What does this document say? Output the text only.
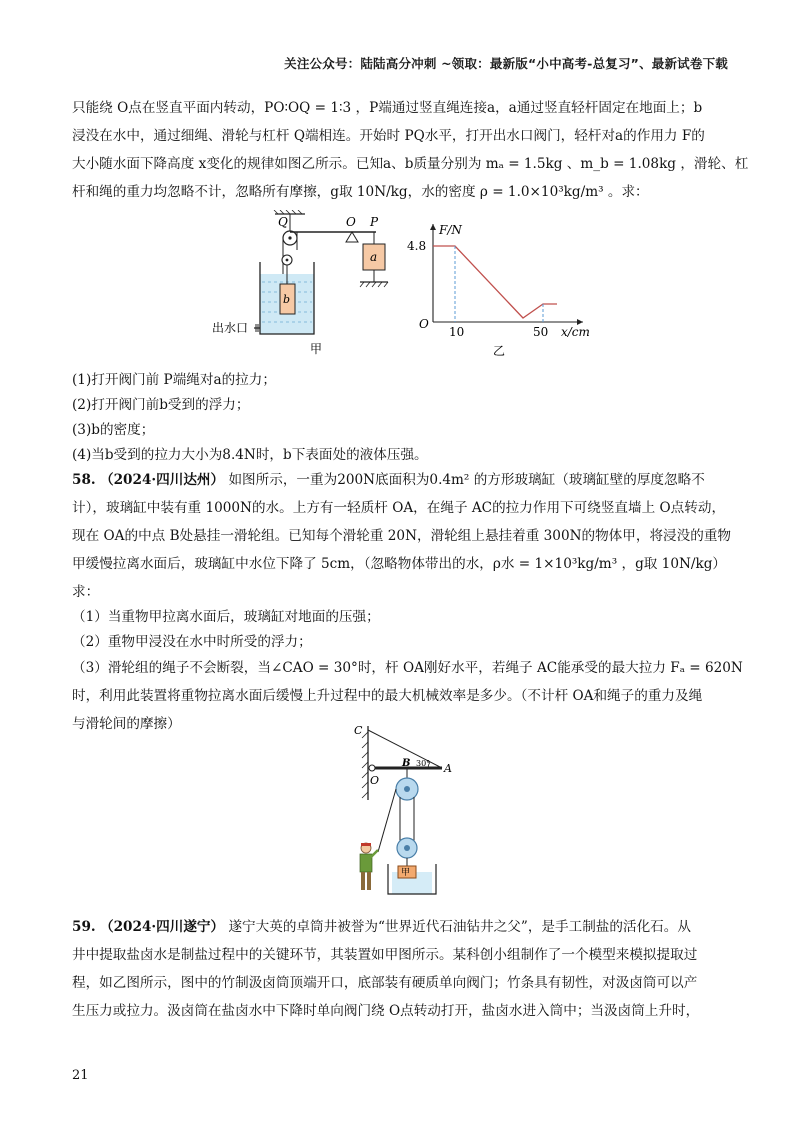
关注公众号：陆陆高分冲刺 ~领取：最新版“小中高考-总复习”、最新试卷下载
只能绕 O点在竖直平面内转动，PO∶OQ = 1∶3 ，P端通过竖直绳连接a，a通过竖直轻杆固定在地面上；b
浸没在水中，通过细绳、滑轮与杠杆 Q端相连。开始时 PQ水平，打开出水口阀门，轻杆对a的作用力 F的
大小随水面下降高度 x变化的规律如图乙所示。已知a、b质量分别为 mₐ = 1.5kg 、m_b = 1.08kg ，滑轮、杠
杆和绳的重力均忽略不计，忽略所有摩擦，g取 10N/kg，水的密度 ρ = 1.0×10³kg/m³ 。求：
Q	O P
a
b
出水口
甲
F/N
4.8
O
10	50 x/cm
乙
(1)打开阀门前 P端绳对a的拉力；
(2)打开阀门前b受到的浮力；
(3)b的密度；
(4)当b受到的拉力大小为8.4N时，b下表面处的液体压强。
58. （2024·四川达州） 如图所示，一重为200N底面积为0.4m² 的方形玻璃缸（玻璃缸壁的厚度忽略不
计），玻璃缸中装有重 1000N的水。上方有一轻质杆 OA，在绳子 AC的拉力作用下可绕竖直墙上 O点转动，
现在 OA的中点 B处悬挂一滑轮组。已知每个滑轮重 20N，滑轮组上悬挂着重 300N的物体甲，将浸没的重物
甲缓慢拉离水面后，玻璃缸中水位下降了 5cm，（忽略物体带出的水，ρ水 = 1×10³kg/m³ ，g取 10N/kg）
求：
（1）当重物甲拉离水面后，玻璃缸对地面的压强；
（2）重物甲浸没在水中时所受的浮力；
（3）滑轮组的绳子不会断裂，当∠CAO = 30°时，杆 OA刚好水平，若绳子 AC能承受的最大拉力 Fₐ = 620N
时，利用此装置将重物拉离水面后缓慢上升过程中的最大机械效率是多少。（不计杆 OA和绳子的重力及绳
与滑轮间的摩擦）	C
O
B	A
30°
甲
59. （2024·四川遂宁） 遂宁大英的卓筒井被誉为“世界近代石油钻井之父”，是手工制盐的活化石。从
井中提取盐卤水是制盐过程中的关键环节，其装置如甲图所示。某科创小组制作了一个模型来模拟提取过
程，如乙图所示，图中的竹制汲卤筒顶端开口，底部装有硬质单向阀门；竹条具有韧性，对汲卤筒可以产
生压力或拉力。汲卤筒在盐卤水中下降时单向阀门绕 O点转动打开，盐卤水进入筒中；当汲卤筒上升时，
21
